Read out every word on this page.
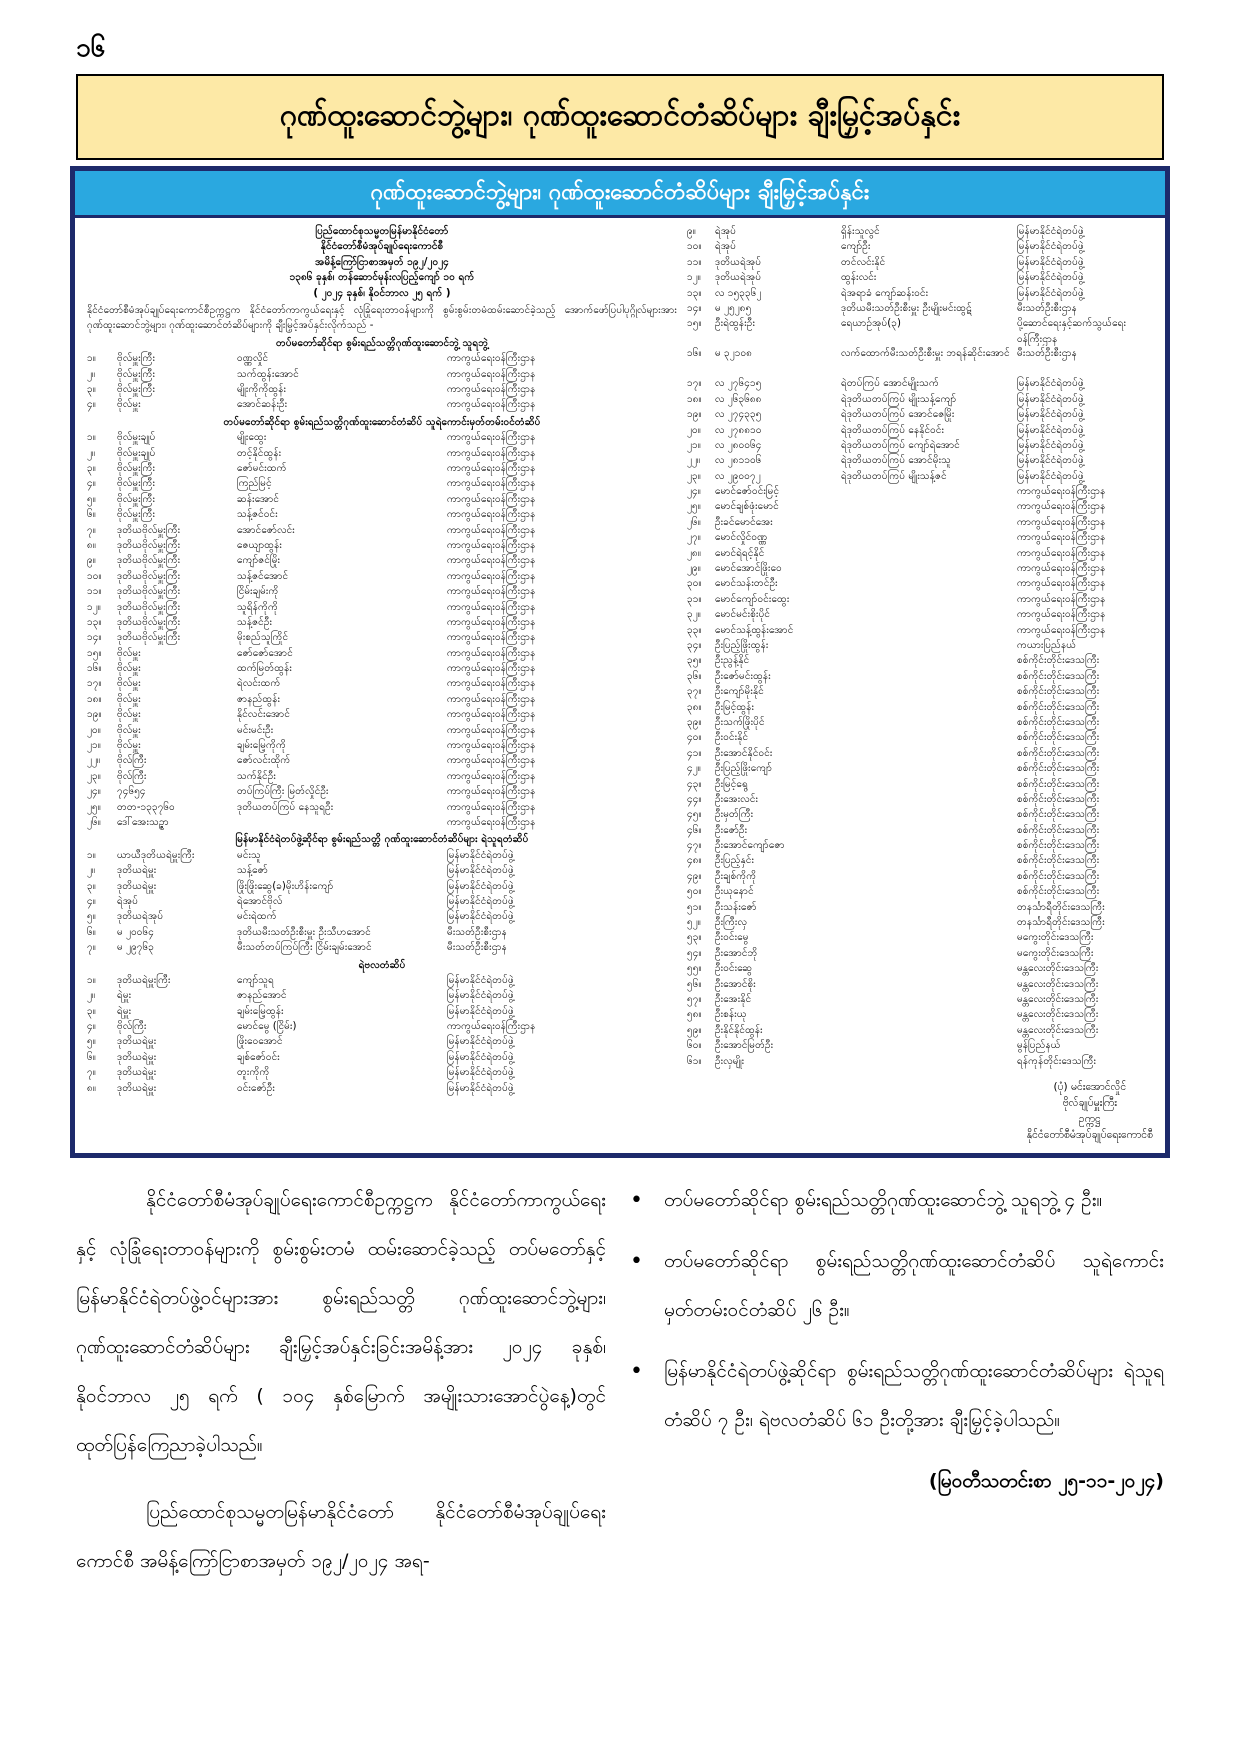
၁၆
ဂုဏ်ထူးဆောင်ဘွဲ့များ၊ ဂုဏ်ထူးဆောင်တံဆိပ်များ ချီးမြှင့်အပ်နှင်း
ဂုဏ်ထူးဆောင်ဘွဲ့များ၊ ဂုဏ်ထူးဆောင်တံဆိပ်များ ချီးမြှင့်အပ်နှင်း
ပြည်ထောင်စုသမ္မတမြန်မာနိုင်ငံတော်
နိုင်ငံတော်စီမံအုပ်ချုပ်ရေးကောင်စီ
အမိန့်ကြော်ငြာစာအမှတ် ၁၉၂/၂၀၂၄
၁၃၈၆ ခုနှစ်၊ တန်ဆောင်မုန်းလပြည့်ကျော် ၁၀ ရက်
( ၂၀၂၄ ခုနှစ်၊ နိုဝင်ဘာလ ၂၅ ရက် )
နိုင်ငံတော်စီမံအုပ်ချုပ်ရေးကောင်စီဥက္ကဋ္ဌက နိုင်ငံတော်ကာကွယ်ရေးနှင့် လုံခြုံရေးတာဝန်များကို စွမ်းစွမ်းတမံထမ်းဆောင်ခဲ့သည့် အောက်ဖော်ပြပါပုဂ္ဂိုလ်များအား ဂုဏ်ထူးဆောင်ဘွဲ့များ၊ ဂုဏ်ထူးဆောင်တံဆိပ်များကို ချီးမြှင့်အပ်နှင်းလိုက်သည် -
တပ်မတော်ဆိုင်ရာ စွမ်းရည်သတ္တိဂုဏ်ထူးဆောင်ဘွဲ့ သူရဘွဲ့
၁။	ဗိုလ်မှူးကြီး	ဝဏ္ဏလှိုင်	ကာကွယ်ရေးဝန်ကြီးဌာန
၂။	ဗိုလ်မှူးကြီး	သက်ထွန်းအောင်	ကာကွယ်ရေးဝန်ကြီးဌာန
၃။	ဗိုလ်မှူးကြီး	မျိုးကိုကိုထွန်း	ကာကွယ်ရေးဝန်ကြီးဌာန
၄။	ဗိုလ်မှူး	အောင်ဆန်းဦး	ကာကွယ်ရေးဝန်ကြီးဌာန
တပ်မတော်ဆိုင်ရာ စွမ်းရည်သတ္တိဂုဏ်ထူးဆောင်တံဆိပ် သူရဲကောင်းမှတ်တမ်းဝင်တံဆိပ်
၁။	ဗိုလ်မှူးချုပ်	မျိုးထွေး	ကာကွယ်ရေးဝန်ကြီးဌာန
၂။	ဗိုလ်မှူးချုပ်	တင့်နိုင်ထွန်း	ကာကွယ်ရေးဝန်ကြီးဌာန
၃။	ဗိုလ်မှူးကြီး	ဇော်မင်းထက်	ကာကွယ်ရေးဝန်ကြီးဌာန
၄။	ဗိုလ်မှူးကြီး	ကြည်မြင့်	ကာကွယ်ရေးဝန်ကြီးဌာန
၅။	ဗိုလ်မှူးကြီး	ဆန်းအောင်	ကာကွယ်ရေးဝန်ကြီးဌာန
၆။	ဗိုလ်မှူးကြီး	သန့်ဇင်ဝင်း	ကာကွယ်ရေးဝန်ကြီးဌာန
၇။	ဒုတိယဗိုလ်မှူးကြီး	အောင်ဇော်လင်း	ကာကွယ်ရေးဝန်ကြီးဌာန
၈။	ဒုတိယဗိုလ်မှူးကြီး	ဇေယျာထွန်း	ကာကွယ်ရေးဝန်ကြီးဌာန
၉။	ဒုတိယဗိုလ်မှူးကြီး	ကျော်ဇင်မြိုး	ကာကွယ်ရေးဝန်ကြီးဌာန
၁၀။	ဒုတိယဗိုလ်မှူးကြီး	သန့်ဇင်အောင်	ကာကွယ်ရေးဝန်ကြီးဌာန
၁၁။	ဒုတိယဗိုလ်မှူးကြီး	ငြိမ်းချမ်းကို	ကာကွယ်ရေးဝန်ကြီးဌာန
၁၂။	ဒုတိယဗိုလ်မှူးကြီး	သူရိန်ကိုကို	ကာကွယ်ရေးဝန်ကြီးဌာန
၁၃။	ဒုတိယဗိုလ်မှူးကြီး	သန့်ဇင်ဦး	ကာကွယ်ရေးဝန်ကြီးဌာန
၁၄။	ဒုတိယဗိုလ်မှူးကြီး	မိုးစည်သူကြိုင်	ကာကွယ်ရေးဝန်ကြီးဌာန
၁၅။	ဗိုလ်မှူး	ဇော်ဇော်အောင်	ကာကွယ်ရေးဝန်ကြီးဌာန
၁၆။	ဗိုလ်မှူး	ထက်မြတ်ထွန်း	ကာကွယ်ရေးဝန်ကြီးဌာန
၁၇။	ဗိုလ်မှူး	ရဲလင်းထက်	ကာကွယ်ရေးဝန်ကြီးဌာန
၁၈။	ဗိုလ်မှူး	ဇာနည်ထွန်း	ကာကွယ်ရေးဝန်ကြီးဌာန
၁၉။	ဗိုလ်မှူး	နိုင်လင်းအောင်	ကာကွယ်ရေးဝန်ကြီးဌာန
၂၀။	ဗိုလ်မှူး	မင်းမင်းဦး	ကာကွယ်ရေးဝန်ကြီးဌာန
၂၁။	ဗိုလ်မှူး	ချမ်းမြေ့ကိုကို	ကာကွယ်ရေးဝန်ကြီးဌာန
၂၂။	ဗိုလ်ကြီး	ဇော်လင်းထိုက်	ကာကွယ်ရေးဝန်ကြီးဌာန
၂၃။	ဗိုလ်ကြီး	သက်နိုင်ဦး	ကာကွယ်ရေးဝန်ကြီးဌာန
၂၄။	၇၄၆၅၄	တပ်ကြပ်ကြီး မြတ်လှိုင်ဦး	ကာကွယ်ရေးဝန်ကြီးဌာန
၂၅။	တတ-၁၃၃၇၆၀	ဒုတိယတပ်ကြပ် နေသူရဦး	ကာကွယ်ရေးဝန်ကြီးဌာန
၂၆။	ဒေါ်အေးသဉ္ဇာ	ကာကွယ်ရေးဝန်ကြီးဌာန
မြန်မာနိုင်ငံရဲတပ်ဖွဲ့ဆိုင်ရာ စွမ်းရည်သတ္တိ ဂုဏ်ထူးဆောင်တံဆိပ်များ ရဲသူရတံဆိပ်
၁။	ယာယီဒုတိယရဲမှူးကြီး	မင်းသူ	မြန်မာနိုင်ငံရဲတပ်ဖွဲ့
၂။	ဒုတိယရဲမှူး	သန့်ဇော်	မြန်မာနိုင်ငံရဲတပ်ဖွဲ့
၃။	ဒုတိယရဲမှူး	ဖြိုးဖြိုးဆွေ(ခ)မိုးဟိန်းကျော်	မြန်မာနိုင်ငံရဲတပ်ဖွဲ့
၄။	ရဲအုပ်	ရဲအောင်ဗိုလ်	မြန်မာနိုင်ငံရဲတပ်ဖွဲ့
၅။	ဒုတိယရဲအုပ်	မင်းရဲထက်	မြန်မာနိုင်ငံရဲတပ်ဖွဲ့
၆။	မ ၂၀၀၆၄	ဒုတိယမီးသတ်ဦးစီးမှူး ဦးသီဟအောင်	မီးသတ်ဦးစီးဌာန
၇။	မ ၂၉၇၆၃	မီးသတ်တပ်ကြပ်ကြီး ငြိမ်းချမ်းအောင်	မီးသတ်ဦးစီးဌာန
ရဲဗလတံဆိပ်
၁။	ဒုတိယရဲမှူးကြီး	ကျော်သူရ	မြန်မာနိုင်ငံရဲတပ်ဖွဲ့
၂။	ရဲမှူး	ဇာနည်အောင်	မြန်မာနိုင်ငံရဲတပ်ဖွဲ့
၃။	ရဲမှူး	ချမ်းမြေ့ထွန်း	မြန်မာနိုင်ငံရဲတပ်ဖွဲ့
၄။	ဗိုလ်ကြီး	မောင်မွေ (ငြိမ်း)	ကာကွယ်ရေးဝန်ကြီးဌာန
၅။	ဒုတိယရဲမှူး	ဖြိုးဝေအောင်	မြန်မာနိုင်ငံရဲတပ်ဖွဲ့
၆။	ဒုတိယရဲမှူး	ချစ်ဇော်ဝင်း	မြန်မာနိုင်ငံရဲတပ်ဖွဲ့
၇။	ဒုတိယရဲမှူး	တူးကိုကို	မြန်မာနိုင်ငံရဲတပ်ဖွဲ့
၈။	ဒုတိယရဲမှူး	ဝင်းဇော်ဦး	မြန်မာနိုင်ငံရဲတပ်ဖွဲ့
၉။	ရဲအုပ်	ရှိန်းသူလွင်	မြန်မာနိုင်ငံရဲတပ်ဖွဲ့
၁၀။	ရဲအုပ်	ကျော်ဦး	မြန်မာနိုင်ငံရဲတပ်ဖွဲ့
၁၁။	ဒုတိယရဲအုပ်	တင်လင်းနိုင်	မြန်မာနိုင်ငံရဲတပ်ဖွဲ့
၁၂။	ဒုတိယရဲအုပ်	ထွန်းလင်း	မြန်မာနိုင်ငံရဲတပ်ဖွဲ့
၁၃။	လ ၁၅၃၃၆၂	ရဲအရာခံ ကျော်ဆန်းဝင်း	မြန်မာနိုင်ငံရဲတပ်ဖွဲ့
၁၄။	မ ၂၅၂၈၅	ဒုတိယမီးသတ်ဦးစီးမှူး ဦးမျိုးမင်းထွဋ်	မီးသတ်ဦးစီးဌာန
၁၅။	ဦးရဲထွန်းဦး	ရေယာဉ်အုပ်(၃)	ပို့ဆောင်ရေးနှင့်ဆက်သွယ်ရေးဝန်ကြီးဌာန
၁၆။	မ ၃၂၁၀၈	လက်ထောက်မီးသတ်ဦးစီးမှူး ဘရန်ဆိုင်းအောင် မီးသတ်ဦးစီးဌာန
၁၇။	လ ၂၇၆၄၁၅	ရဲတပ်ကြပ် အောင်မျိုးသက်	မြန်မာနိုင်ငံရဲတပ်ဖွဲ့
၁၈။	လ ၂၆၃၆၈၈	ရဲဒုတိယတပ်ကြပ် မျိုးသန့်ကျော်	မြန်မာနိုင်ငံရဲတပ်ဖွဲ့
၁၉။	လ ၂၇၄၃၃၅	ရဲဒုတိယတပ်ကြပ် အောင်ဇေမြိုး	မြန်မာနိုင်ငံရဲတပ်ဖွဲ့
၂၀။	လ ၂၇၈၈၁၀	ရဲဒုတိယတပ်ကြပ် နေနိုင်ဝင်း	မြန်မာနိုင်ငံရဲတပ်ဖွဲ့
၂၁။	လ ၂၈၀၀၆၄	ရဲဒုတိယတပ်ကြပ် ကျော်ရဲအောင်	မြန်မာနိုင်ငံရဲတပ်ဖွဲ့
၂၂။	လ ၂၈၁၁၀၆	ရဲဒုတိယတပ်ကြပ် အောင်မိုးသူ	မြန်မာနိုင်ငံရဲတပ်ဖွဲ့
၂၃။	လ ၂၉၀၀၇၂	ရဲဒုတိယတပ်ကြပ် မျိုးသန့်ဇင်	မြန်မာနိုင်ငံရဲတပ်ဖွဲ့
၂၄။	မောင်ဇော်ဝင်းမြင့်	ကာကွယ်ရေးဝန်ကြီးဌာန
၂၅။	မောင်ချစ်ဖုံးမောင်	ကာကွယ်ရေးဝန်ကြီးဌာန
၂၆။	ဦးခင်မောင်အေး	ကာကွယ်ရေးဝန်ကြီးဌာန
၂၇။	မောင်လှိုင်ဝဏ္ဏ	ကာကွယ်ရေးဝန်ကြီးဌာန
၂၈။	မောင်ရဲရင့်နိုင်	ကာကွယ်ရေးဝန်ကြီးဌာန
၂၉။	မောင်အောင်ဖြိုးဝေ	ကာကွယ်ရေးဝန်ကြီးဌာန
၃၀။	မောင်သန်းတင်ဦး	ကာကွယ်ရေးဝန်ကြီးဌာန
၃၁။	မောင်ကျော်ဝင်းထွေး	ကာကွယ်ရေးဝန်ကြီးဌာန
၃၂။	မောင်မင်းစိုးပိုင်	ကာကွယ်ရေးဝန်ကြီးဌာန
၃၃။	မောင်သန့်ထွန်းအောင်	ကာကွယ်ရေးဝန်ကြီးဌာန
၃၄။	ဦးပြည့်ဖြိုးထွန်း	ကယားပြည်နယ်
၃၅။	ဦးညွန့်နိုင်	စစ်ကိုင်းတိုင်းဒေသကြီး
၃၆။	ဦးဇော်မင်းထွန်း	စစ်ကိုင်းတိုင်းဒေသကြီး
၃၇။	ဦးကျော်မိုးနိုင်	စစ်ကိုင်းတိုင်းဒေသကြီး
၃၈။	ဦးမြင့်ထွန်း	စစ်ကိုင်းတိုင်းဒေသကြီး
၃၉။	ဦးသက်ဖြိုးပိုင်	စစ်ကိုင်းတိုင်းဒေသကြီး
၄၀။	ဦးဝင်းနိုင်	စစ်ကိုင်းတိုင်းဒေသကြီး
၄၁။	ဦးအောင်နိုင်ဝင်း	စစ်ကိုင်းတိုင်းဒေသကြီး
၄၂။	ဦးပြည့်ဖြိုးကျော်	စစ်ကိုင်းတိုင်းဒေသကြီး
၄၃။	ဦးမြင့်ရွေ	စစ်ကိုင်းတိုင်းဒေသကြီး
၄၄။	ဦးအေးလင်း	စစ်ကိုင်းတိုင်းဒေသကြီး
၄၅။	ဦးမှတ်ကြီး	စစ်ကိုင်းတိုင်းဒေသကြီး
၄၆။	ဦးဇော်ဦး	စစ်ကိုင်းတိုင်းဒေသကြီး
၄၇။	ဦးအောင်ကျော်ဇော	စစ်ကိုင်းတိုင်းဒေသကြီး
၄၈။	ဦးပြည့်နှင်း	စစ်ကိုင်းတိုင်းဒေသကြီး
၄၉။	ဦးချစ်ကိုကို	စစ်ကိုင်းတိုင်းဒေသကြီး
၅၀။	ဦးယုနောင်	စစ်ကိုင်းတိုင်းဒေသကြီး
၅၁။	ဦးသန်းဇော်	တနင်္သာရီတိုင်းဒေသကြီး
၅၂။	ဦးကြီးလှ	တနင်္သာရီတိုင်းဒေသကြီး
၅၃။	ဦးဝင်းမွေ	မကွေးတိုင်းဒေသကြီး
၅၄။	ဦးအောင်ဘို	မကွေးတိုင်းဒေသကြီး
၅၅။	ဦးဝင်းဆွေ	မန္တလေးတိုင်းဒေသကြီး
၅၆။	ဦးအောင်စိုး	မန္တလေးတိုင်းဒေသကြီး
၅၇။	ဦးအေးနိုင်	မန္တလေးတိုင်းဒေသကြီး
၅၈။	ဦးစန်းယု	မန္တလေးတိုင်းဒေသကြီး
၅၉။	ဦးနိုင်နိုင်ထွန်း	မန္တလေးတိုင်းဒေသကြီး
၆၀။	ဦးအောင်မြတ်ဦး	မွန်ပြည်နယ်
၆၁။	ဦးလှမျိုး	ရန်ကုန်တိုင်းဒေသကြီး
(ပုံ) မင်းအောင်လှိုင်
ဗိုလ်ချုပ်မှူးကြီး
ဥက္ကဋ္ဌ
နိုင်ငံတော်စီမံအုပ်ချုပ်ရေးကောင်စီ

နိုင်ငံတော်စီမံအုပ်ချုပ်ရေးကောင်စီဥက္ကဋ္ဌက နိုင်ငံတော်ကာကွယ်ရေးနှင့် လုံခြုံရေးတာဝန်များကို စွမ်းစွမ်းတမံ ထမ်းဆောင်ခဲ့သည့် တပ်မတော်နှင့် မြန်မာနိုင်ငံရဲတပ်ဖွဲ့ဝင်များအား စွမ်းရည်သတ္တိ ဂုဏ်ထူးဆောင်ဘွဲ့များ၊ ဂုဏ်ထူးဆောင်တံဆိပ်များ ချီးမြှင့်အပ်နှင်းခြင်းအမိန့်အား ၂၀၂၄ ခုနှစ်၊ နိုဝင်ဘာလ ၂၅ ရက် ( ၁၀၄ နှစ်မြောက် အမျိုးသားအောင်ပွဲနေ့)တွင် ထုတ်ပြန်ကြေညာခဲ့ပါသည်။

ပြည်ထောင်စုသမ္မတမြန်မာနိုင်ငံတော် နိုင်ငံတော်စီမံအုပ်ချုပ်ရေးကောင်စီ အမိန့်ကြော်ငြာစာအမှတ် ၁၉၂/၂၀၂၄ အရ-

• တပ်မတော်ဆိုင်ရာ စွမ်းရည်သတ္တိဂုဏ်ထူးဆောင်ဘွဲ့ သူရဘွဲ့ ၄ ဦး။
• တပ်မတော်ဆိုင်ရာ စွမ်းရည်သတ္တိဂုဏ်ထူးဆောင်တံဆိပ် သူရဲကောင်းမှတ်တမ်းဝင်တံဆိပ် ၂၆ ဦး။
• မြန်မာနိုင်ငံရဲတပ်ဖွဲ့ဆိုင်ရာ စွမ်းရည်သတ္တိဂုဏ်ထူးဆောင်တံဆိပ်များ ရဲသူရတံဆိပ် ၇ ဦး၊ ရဲဗလတံဆိပ် ၆၁ ဦးတို့အား ချီးမြှင့်ခဲ့ပါသည်။
(မြဝတီသတင်းစာ ၂၅-၁၁-၂၀၂၄)
